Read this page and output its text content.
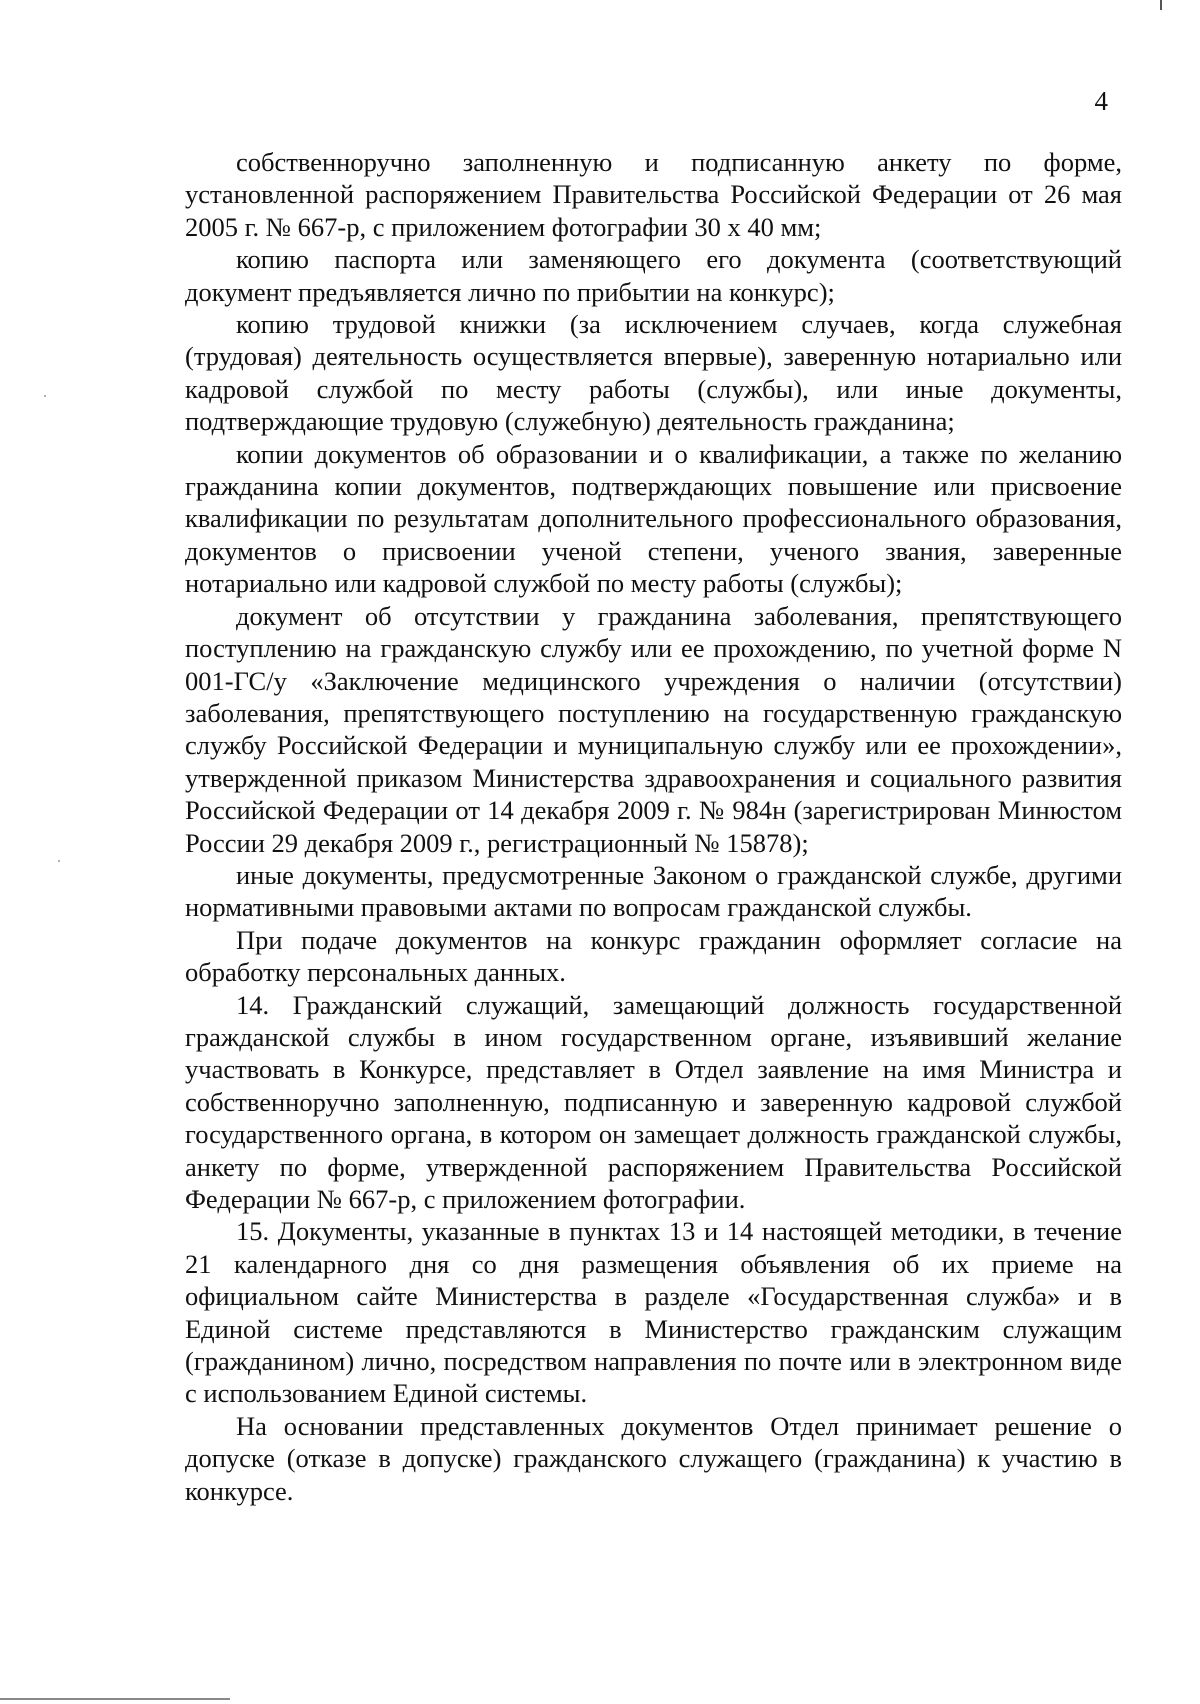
4

собственноручно заполненную и подписанную анкету по форме, установленной распоряжением Правительства Российской Федерации от 26 мая 2005 г. № 667-р, с приложением фотографии 30 х 40 мм;

копию паспорта или заменяющего его документа (соответствующий документ предъявляется лично по прибытии на конкурс);

копию трудовой книжки (за исключением случаев, когда служебная (трудовая) деятельность осуществляется впервые), заверенную нотариально или кадровой службой по месту работы (службы), или иные документы, подтверждающие трудовую (служебную) деятельность гражданина;

копии документов об образовании и о квалификации, а также по желанию гражданина копии документов, подтверждающих повышение или присвоение квалификации по результатам дополнительного профессионального образования, документов о присвоении ученой степени, ученого звания, заверенные нотариально или кадровой службой по месту работы (службы);

документ об отсутствии у гражданина заболевания, препятствующего поступлению на гражданскую службу или ее прохождению, по учетной форме N 001-ГС/у «Заключение медицинского учреждения о наличии (отсутствии) заболевания, препятствующего поступлению на государственную гражданскую службу Российской Федерации и муниципальную службу или ее прохождении», утвержденной приказом Министерства здравоохранения и социального развития Российской Федерации от 14 декабря 2009 г. № 984н (зарегистрирован Минюстом России 29 декабря 2009 г., регистрационный № 15878);

иные документы, предусмотренные Законом о гражданской службе, другими нормативными правовыми актами по вопросам гражданской службы.

При подаче документов на конкурс гражданин оформляет согласие на обработку персональных данных.

14. Гражданский служащий, замещающий должность государственной гражданской службы в ином государственном органе, изъявивший желание участвовать в Конкурсе, представляет в Отдел заявление на имя Министра и собственноручно заполненную, подписанную и заверенную кадровой службой государственного органа, в котором он замещает должность гражданской службы, анкету по форме, утвержденной распоряжением Правительства Российской Федерации № 667-р, с приложением фотографии.

15. Документы, указанные в пунктах 13 и 14 настоящей методики, в течение 21 календарного дня со дня размещения объявления об их приеме на официальном сайте Министерства в разделе «Государственная служба» и в Единой системе представляются в Министерство гражданским служащим (гражданином) лично, посредством направления по почте или в электронном виде с использованием Единой системы.

На основании представленных документов Отдел принимает решение о допуске (отказе в допуске) гражданского служащего (гражданина) к участию в конкурсе.
